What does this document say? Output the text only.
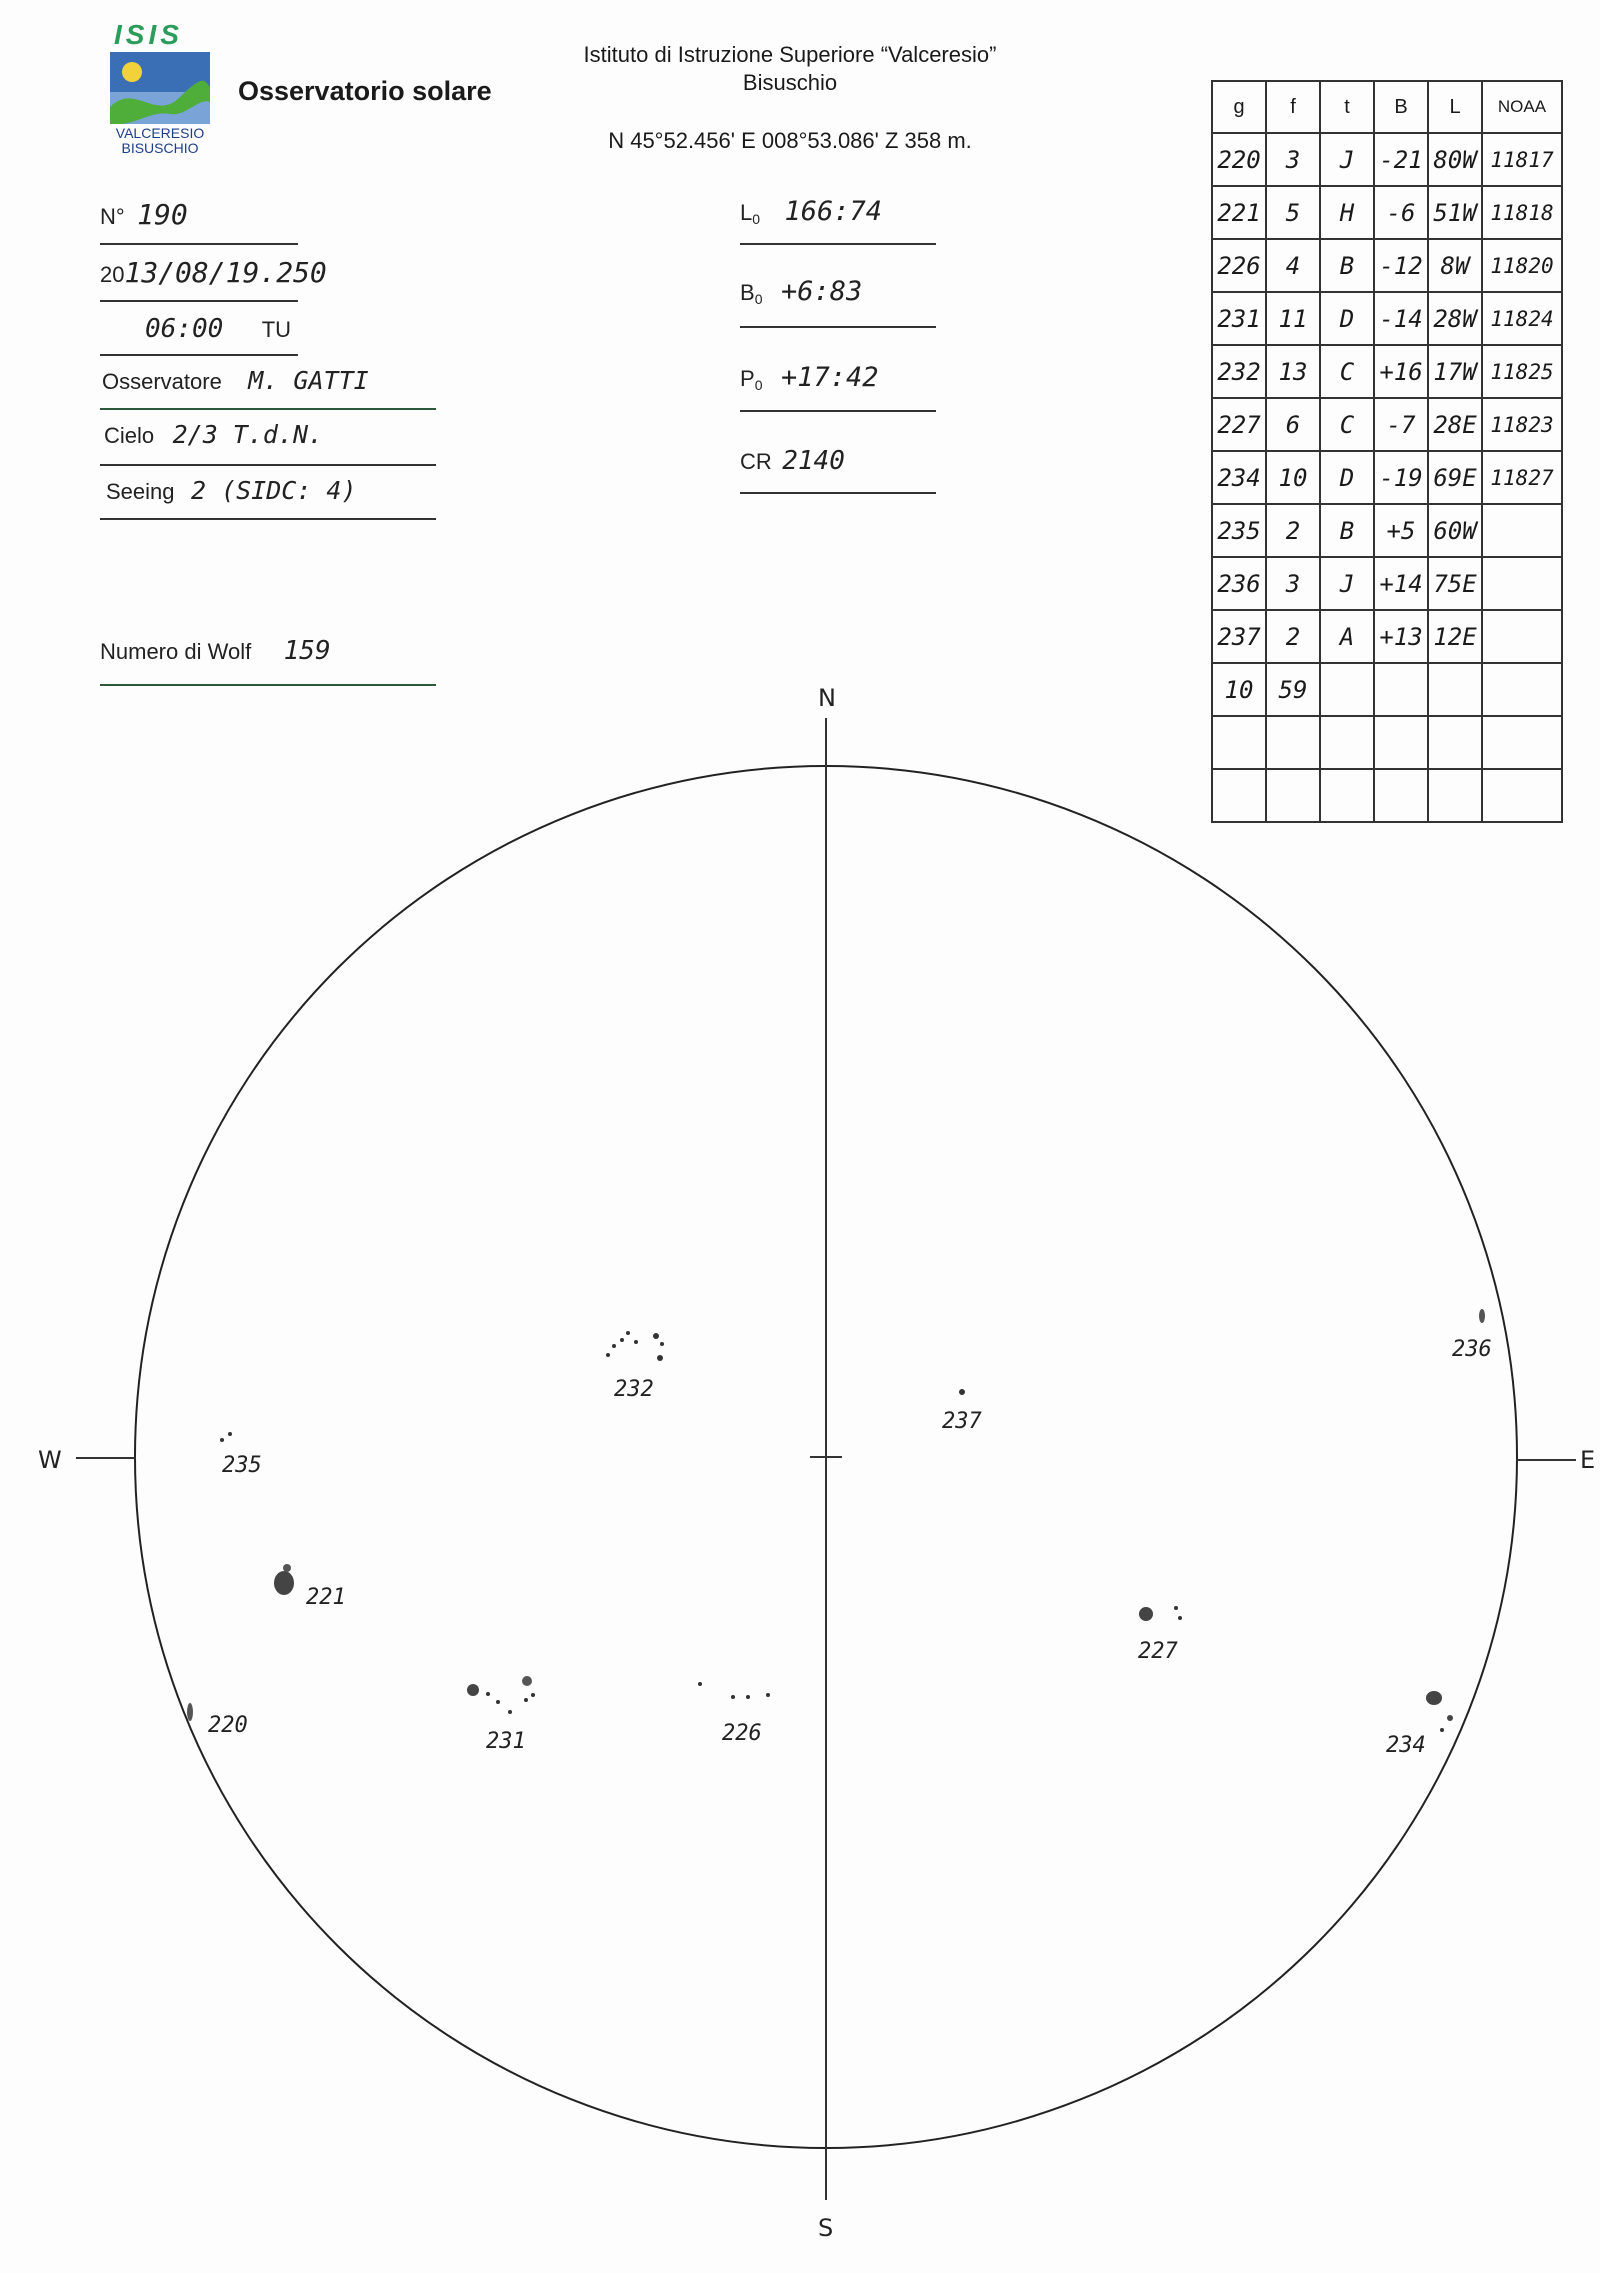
ISIS
VALCERESIO
BISUSCHIO
Osservatorio solare
Istituto di Istruzione Superiore “Valceresio”
Bisuschio
N 45°52.456' E 008°53.086' Z 358 m.
N° 190
2013/08/19.250
06:00 TU
Osservatore M. GATTI
Cielo 2/3 T.d.N.
Seeing 2 (SIDC: 4)
Numero di Wolf 159
$L_0$ 166:74
$B_0$ +6:83
$P_0$ +17:42
CR 2140
g	f	t	B	L	NOAA
220	3	J	-21	80W	11817
221	5	H	-6	51W	11818
226	4	B	-12	8W	11820
231	11	D	-14	28W	11824
232	13	C	+16	17W	11825
227	6	C	-7	28E	11823
234	10	D	-19	69E	11827
235	2	B	+5	60W	
236	3	J	+14	75E	
237	2	A	+13	12E	
10	59				

N
S
W	E
220
221
226
227
231
232
234
235
236
237
